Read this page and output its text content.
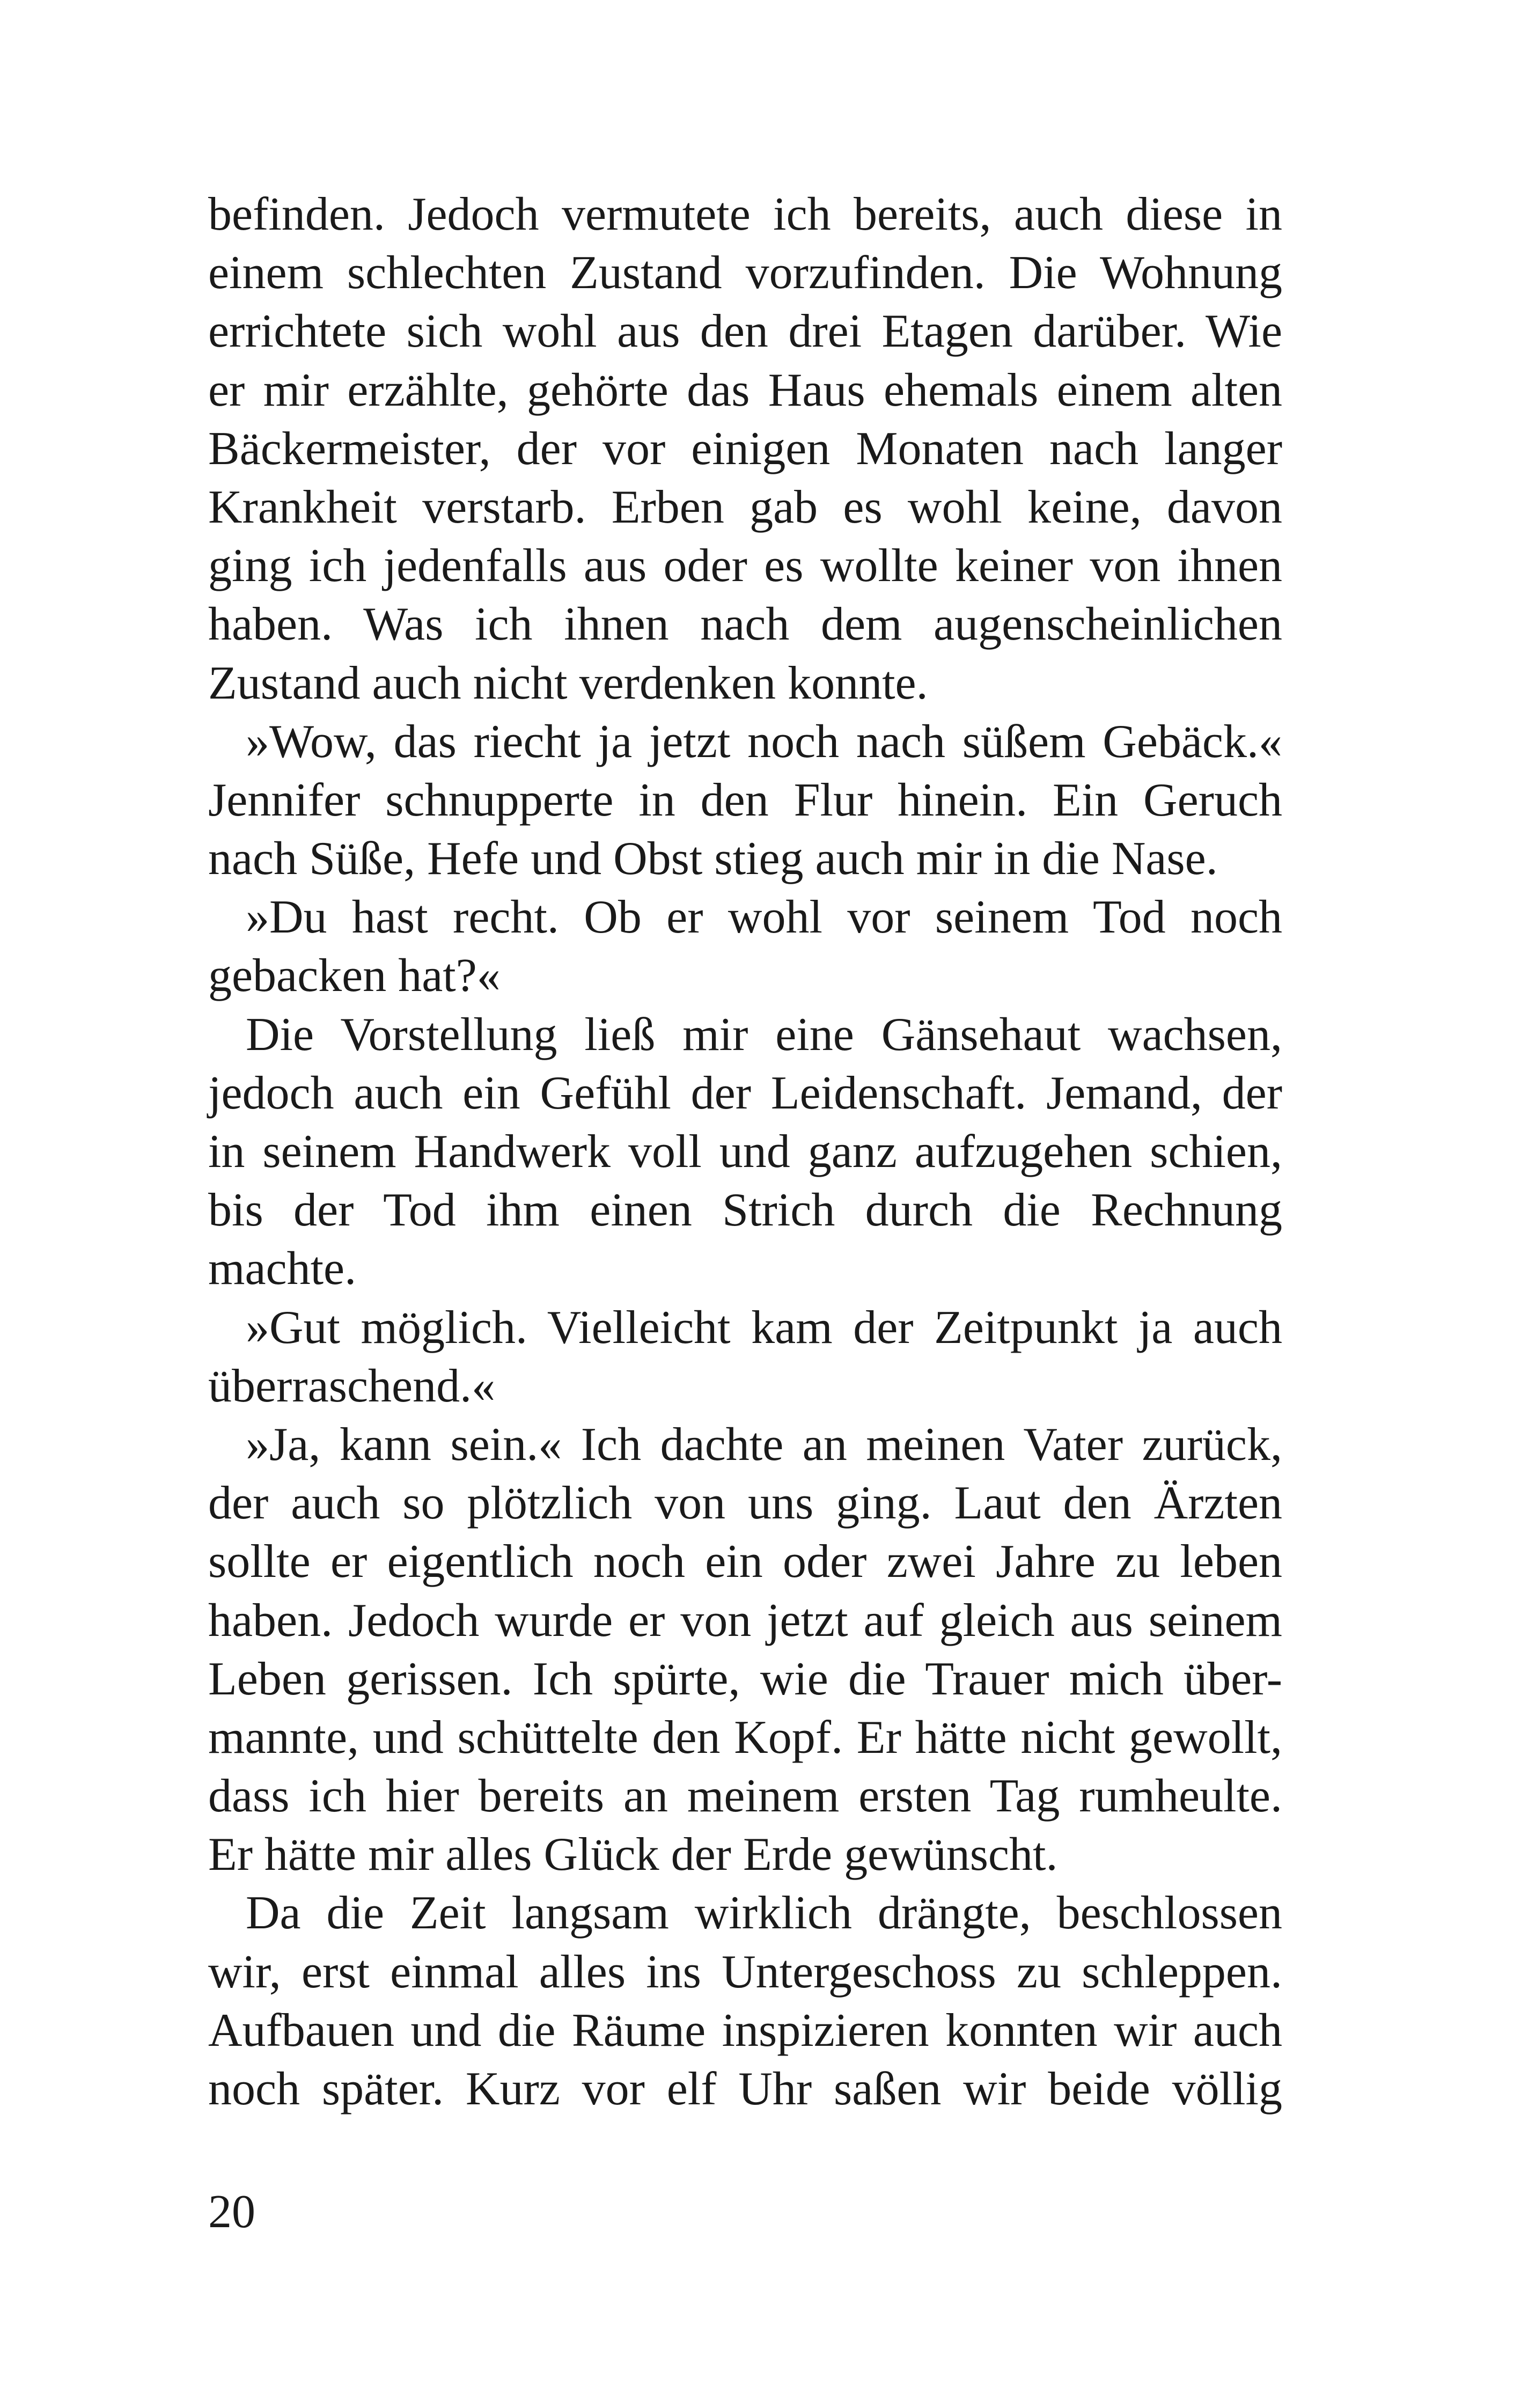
befinden. Jedoch vermutete ich bereits, auch diese in
einem schlechten Zustand vorzufinden. Die Wohnung
errichtete sich wohl aus den drei Etagen darüber. Wie
er mir erzählte, gehörte das Haus ehemals einem alten
Bäckermeister, der vor einigen Monaten nach langer
Krankheit verstarb. Erben gab es wohl keine, davon
ging ich jedenfalls aus oder es wollte keiner von ihnen
haben. Was ich ihnen nach dem augenscheinlichen
Zustand auch nicht verdenken konnte.
»Wow, das riecht ja jetzt noch nach süßem Gebäck.«
Jennifer schnupperte in den Flur hinein. Ein Geruch
nach Süße, Hefe und Obst stieg auch mir in die Nase.
»Du hast recht. Ob er wohl vor seinem Tod noch
gebacken hat?«
Die Vorstellung ließ mir eine Gänsehaut wachsen,
jedoch auch ein Gefühl der Leidenschaft. Jemand, der
in seinem Handwerk voll und ganz aufzugehen schien,
bis der Tod ihm einen Strich durch die Rechnung
machte.
»Gut möglich. Vielleicht kam der Zeitpunkt ja auch
überraschend.«
»Ja, kann sein.« Ich dachte an meinen Vater zurück,
der auch so plötzlich von uns ging. Laut den Ärzten
sollte er eigentlich noch ein oder zwei Jahre zu leben
haben. Jedoch wurde er von jetzt auf gleich aus seinem
Leben gerissen. Ich spürte, wie die Trauer mich über-
mannte, und schüttelte den Kopf. Er hätte nicht gewollt,
dass ich hier bereits an meinem ersten Tag rumheulte.
Er hätte mir alles Glück der Erde gewünscht.
Da die Zeit langsam wirklich drängte, beschlossen
wir, erst einmal alles ins Untergeschoss zu schleppen.
Aufbauen und die Räume inspizieren konnten wir auch
noch später. Kurz vor elf Uhr saßen wir beide völlig
20
